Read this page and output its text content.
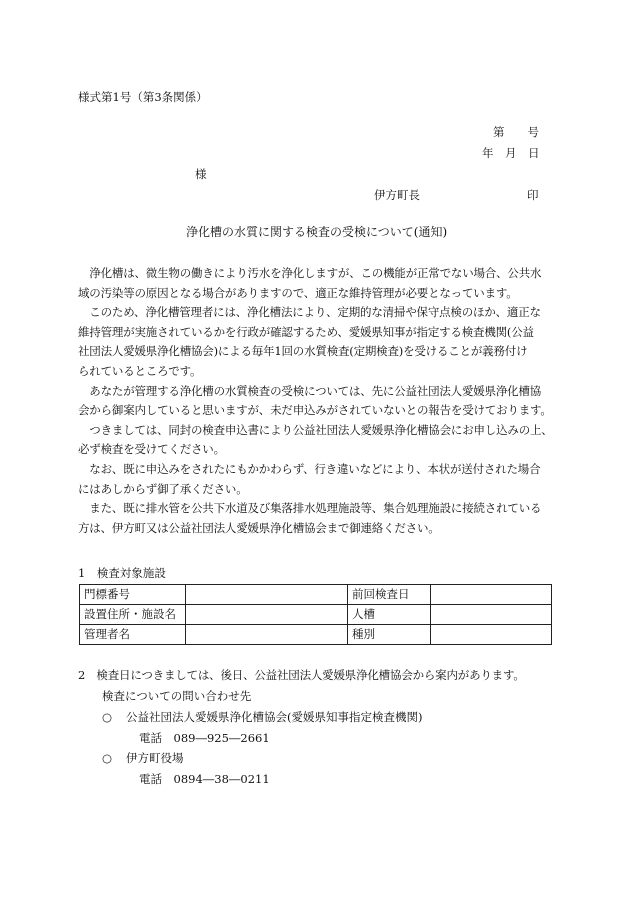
様式第1号（第3条関係）
第　　号
年　月　日
様
伊方町長	印
浄化槽の水質に関する検査の受検について(通知)
　浄化槽は、微生物の働きにより汚水を浄化しますが、この機能が正常でない場合、公共水
域の汚染等の原因となる場合がありますので、適正な維持管理が必要となっています。
　このため、浄化槽管理者には、浄化槽法により、定期的な清掃や保守点検のほか、適正な
維持管理が実施されているかを行政が確認するため、愛媛県知事が指定する検査機関(公益
社団法人愛媛県浄化槽協会)による毎年1回の水質検査(定期検査)を受けることが義務付け
られているところです。
　あなたが管理する浄化槽の水質検査の受検については、先に公益社団法人愛媛県浄化槽協
会から御案内していると思いますが、未だ申込みがされていないとの報告を受けております。
　つきましては、同封の検査申込書により公益社団法人愛媛県浄化槽協会にお申し込みの上、
必ず検査を受けてください。
　なお、既に申込みをされたにもかかわらず、行き違いなどにより、本状が送付された場合
にはあしからず御了承ください。
　また、既に排水管を公共下水道及び集落排水処理施設等、集合処理施設に接続されている
方は、伊方町又は公益社団法人愛媛県浄化槽協会まで御連絡ください。
1　検査対象施設
門標番号		前回検査日	
設置住所・施設名		人槽	
管理者名		種別	
2　検査日につきましては、後日、公益社団法人愛媛県浄化槽協会から案内があります。
検査についての問い合わせ先
○ 公益社団法人愛媛県浄化槽協会(愛媛県知事指定検査機関)
電話　089―925―2661
○ 伊方町役場
電話　0894―38―0211
